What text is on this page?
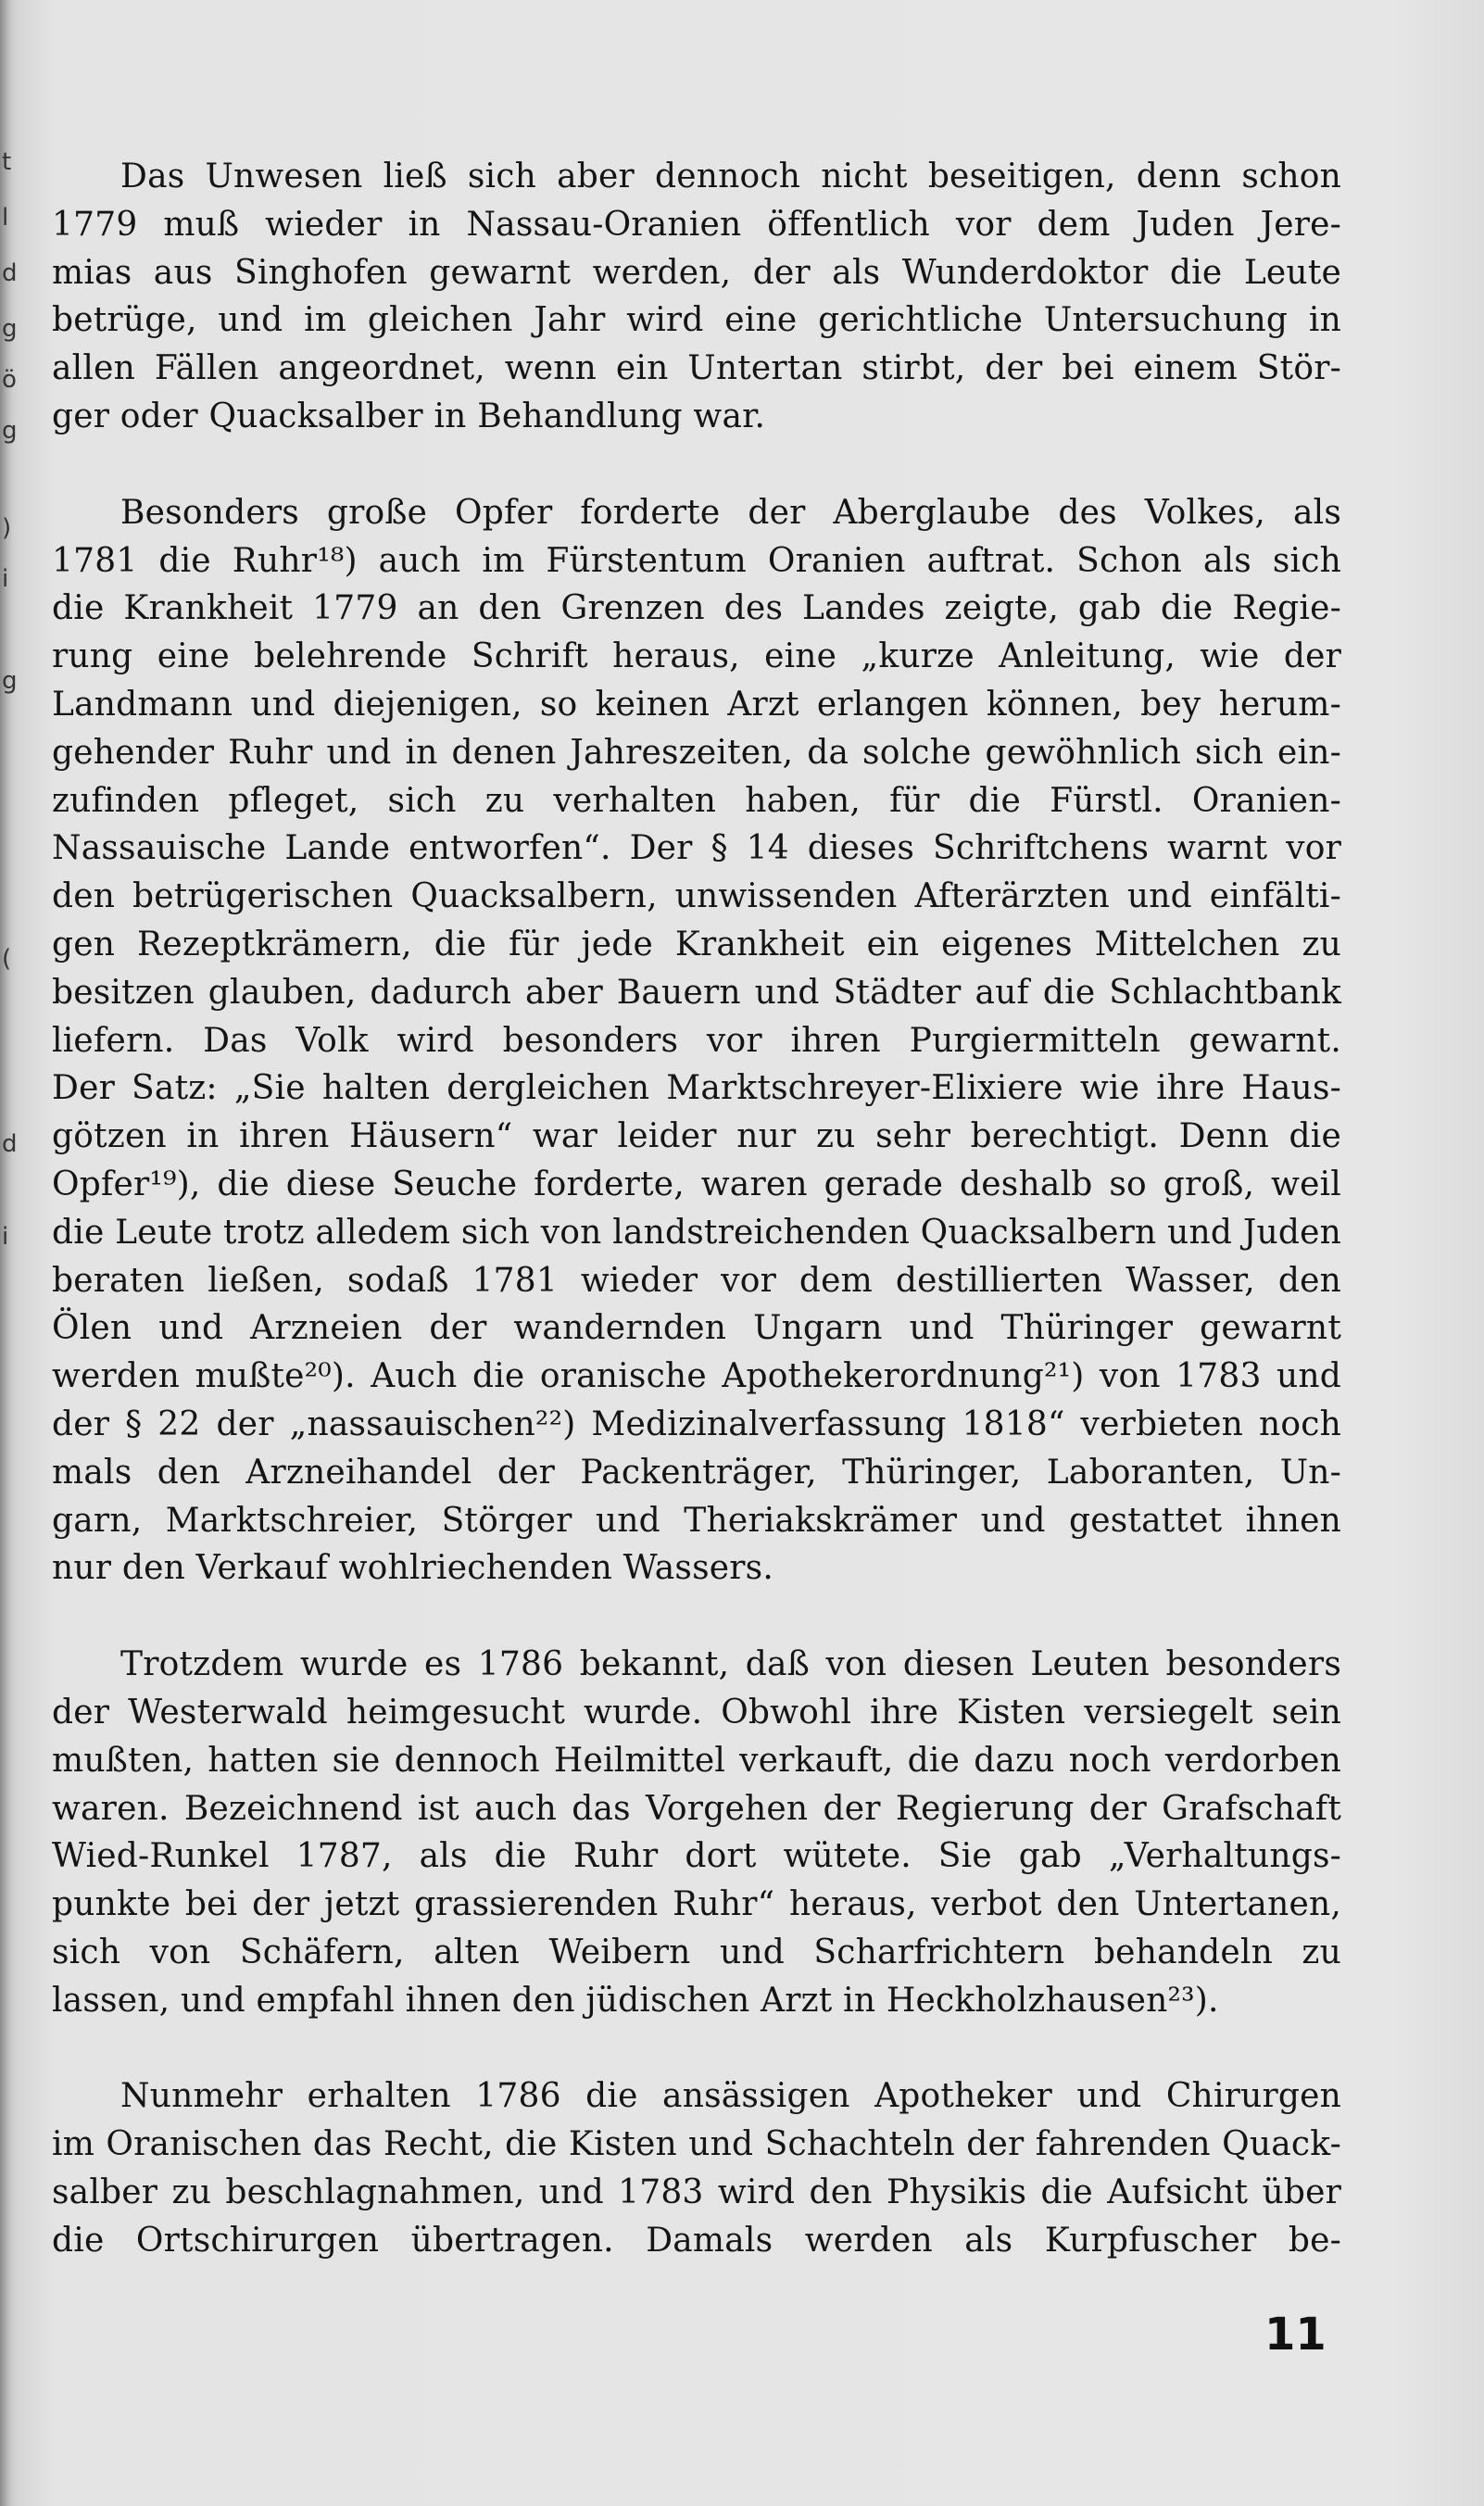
t
l
d
g
ö
g
)
i
g
(
d
i
Das Unwesen ließ sich aber dennoch nicht beseitigen, denn schon
1779 muß wieder in Nassau-Oranien öffentlich vor dem Juden Jere-
mias aus Singhofen gewarnt werden, der als Wunderdoktor die Leute
betrüge, und im gleichen Jahr wird eine gerichtliche Untersuchung in
allen Fällen angeordnet, wenn ein Untertan stirbt, der bei einem Stör-
ger oder Quacksalber in Behandlung war.
Besonders große Opfer forderte der Aberglaube des Volkes, als
1781 die Ruhr¹⁸) auch im Fürstentum Oranien auftrat. Schon als sich
die Krankheit 1779 an den Grenzen des Landes zeigte, gab die Regie-
rung eine belehrende Schrift heraus, eine „kurze Anleitung, wie der
Landmann und diejenigen, so keinen Arzt erlangen können, bey herum-
gehender Ruhr und in denen Jahreszeiten, da solche gewöhnlich sich ein-
zufinden pfleget, sich zu verhalten haben, für die Fürstl. Oranien-
Nassauische Lande entworfen“. Der § 14 dieses Schriftchens warnt vor
den betrügerischen Quacksalbern, unwissenden Afterärzten und einfälti-
gen Rezeptkrämern, die für jede Krankheit ein eigenes Mittelchen zu
besitzen glauben, dadurch aber Bauern und Städter auf die Schlachtbank
liefern. Das Volk wird besonders vor ihren Purgiermitteln gewarnt.
Der Satz: „Sie halten dergleichen Marktschreyer-Elixiere wie ihre Haus-
götzen in ihren Häusern“ war leider nur zu sehr berechtigt. Denn die
Opfer¹⁹), die diese Seuche forderte, waren gerade deshalb so groß, weil
die Leute trotz alledem sich von landstreichenden Quacksalbern und Juden
beraten ließen, sodaß 1781 wieder vor dem destillierten Wasser, den
Ölen und Arzneien der wandernden Ungarn und Thüringer gewarnt
werden mußte²⁰). Auch die oranische Apothekerordnung²¹) von 1783 und
der § 22 der „nassauischen²²) Medizinalverfassung 1818“ verbieten noch
mals den Arzneihandel der Packenträger, Thüringer, Laboranten, Un-
garn, Marktschreier, Störger und Theriakskrämer und gestattet ihnen
nur den Verkauf wohlriechenden Wassers.
Trotzdem wurde es 1786 bekannt, daß von diesen Leuten besonders
der Westerwald heimgesucht wurde. Obwohl ihre Kisten versiegelt sein
mußten, hatten sie dennoch Heilmittel verkauft, die dazu noch verdorben
waren. Bezeichnend ist auch das Vorgehen der Regierung der Grafschaft
Wied-Runkel 1787, als die Ruhr dort wütete. Sie gab „Verhaltungs-
punkte bei der jetzt grassierenden Ruhr“ heraus, verbot den Untertanen,
sich von Schäfern, alten Weibern und Scharfrichtern behandeln zu
lassen, und empfahl ihnen den jüdischen Arzt in Heckholzhausen²³).
Nunmehr erhalten 1786 die ansässigen Apotheker und Chirurgen
im Oranischen das Recht, die Kisten und Schachteln der fahrenden Quack-
salber zu beschlagnahmen, und 1783 wird den Physikis die Aufsicht über
die Ortschirurgen übertragen. Damals werden als Kurpfuscher be-
11
